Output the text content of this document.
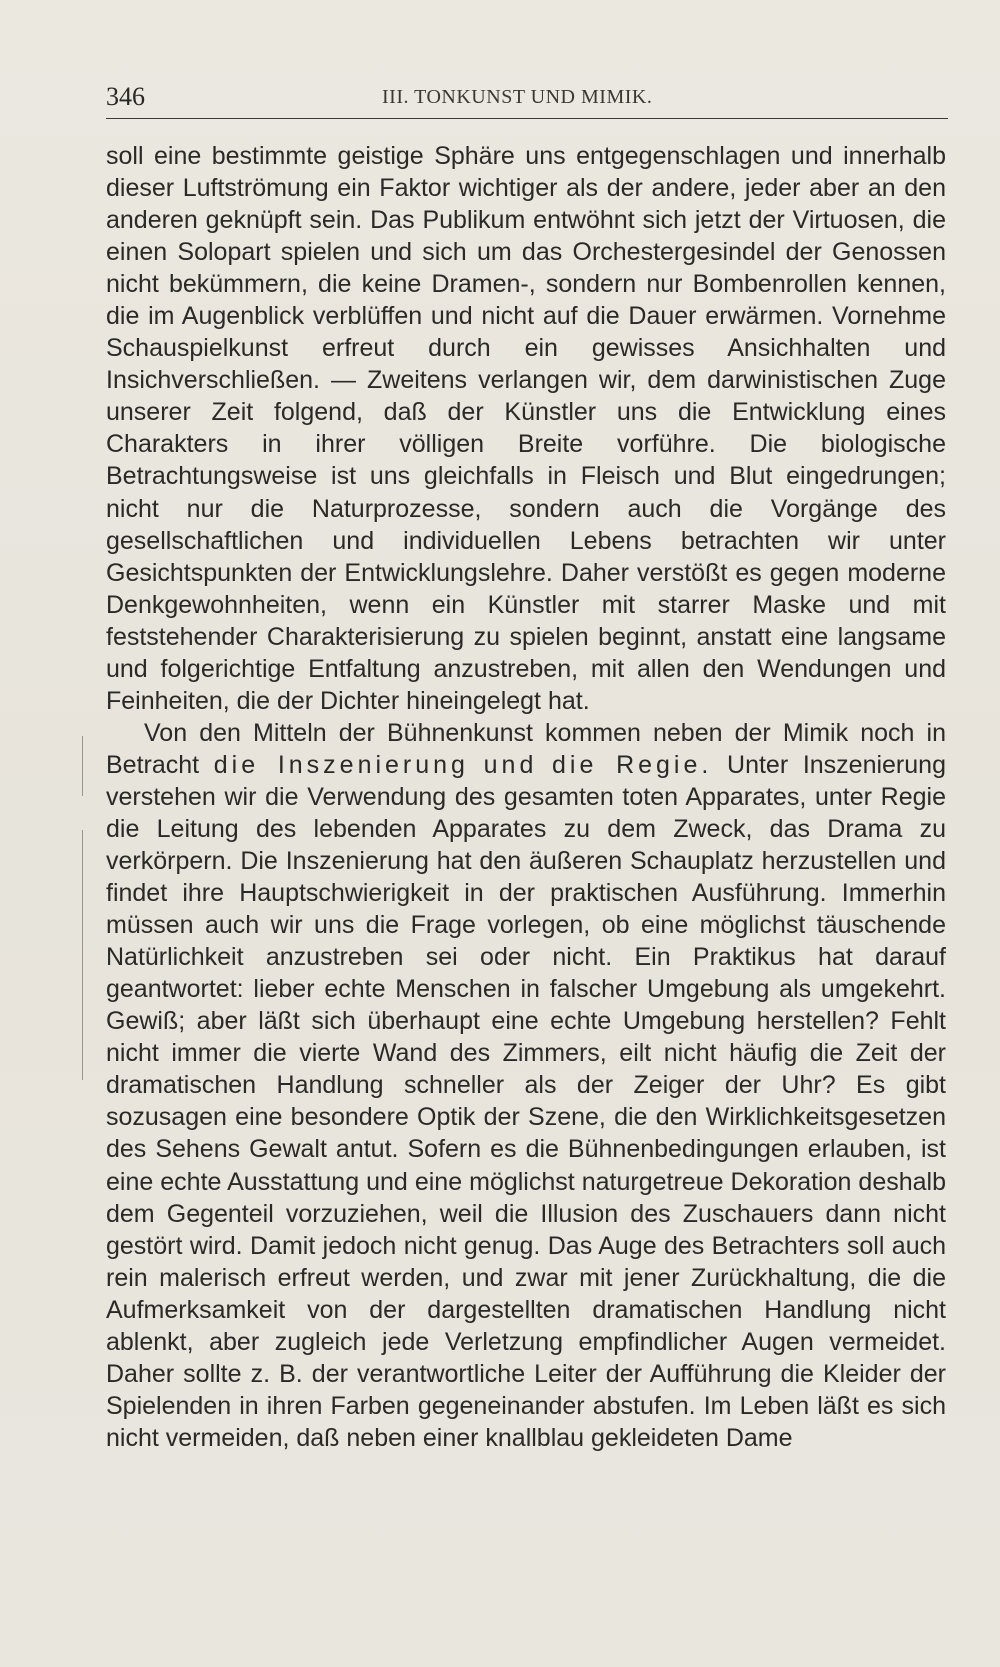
346	III. TONKUNST UND MIMIK.

soll eine bestimmte geistige Sphäre uns entgegenschlagen und innerhalb dieser Luftströmung ein Faktor wichtiger als der andere, jeder aber an den anderen geknüpft sein. Das Publikum entwöhnt sich jetzt der Virtuosen, die einen Solopart spielen und sich um das Orchestergesindel der Genossen nicht bekümmern, die keine Dramen-, sondern nur Bombenrollen kennen, die im Augenblick verblüffen und nicht auf die Dauer erwärmen. Vornehme Schauspielkunst erfreut durch ein gewisses Ansichhalten und Insichverschließen. — Zweitens verlangen wir, dem darwinistischen Zuge unserer Zeit folgend, daß der Künstler uns die Entwicklung eines Charakters in ihrer völligen Breite vorführe. Die biologische Betrachtungsweise ist uns gleichfalls in Fleisch und Blut eingedrungen; nicht nur die Naturprozesse, sondern auch die Vorgänge des gesellschaftlichen und individuellen Lebens betrachten wir unter Gesichtspunkten der Entwicklungslehre. Daher verstößt es gegen moderne Denkgewohnheiten, wenn ein Künstler mit starrer Maske und mit feststehender Charakterisierung zu spielen beginnt, anstatt eine langsame und folgerichtige Entfaltung anzustreben, mit allen den Wendungen und Feinheiten, die der Dichter hineingelegt hat.

Von den Mitteln der Bühnenkunst kommen neben der Mimik noch in Betracht die Inszenierung und die Regie. Unter Inszenierung verstehen wir die Verwendung des gesamten toten Apparates, unter Regie die Leitung des lebenden Apparates zu dem Zweck, das Drama zu verkörpern. Die Inszenierung hat den äußeren Schauplatz herzustellen und findet ihre Hauptschwierigkeit in der praktischen Ausführung. Immerhin müssen auch wir uns die Frage vorlegen, ob eine möglichst täuschende Natürlichkeit anzustreben sei oder nicht. Ein Praktikus hat darauf geantwortet: lieber echte Menschen in falscher Umgebung als umgekehrt. Gewiß; aber läßt sich überhaupt eine echte Umgebung herstellen? Fehlt nicht immer die vierte Wand des Zimmers, eilt nicht häufig die Zeit der dramatischen Handlung schneller als der Zeiger der Uhr? Es gibt sozusagen eine besondere Optik der Szene, die den Wirklichkeitsgesetzen des Sehens Gewalt antut. Sofern es die Bühnenbedingungen erlauben, ist eine echte Ausstattung und eine möglichst naturgetreue Dekoration deshalb dem Gegenteil vorzuziehen, weil die Illusion des Zuschauers dann nicht gestört wird. Damit jedoch nicht genug. Das Auge des Betrachters soll auch rein malerisch erfreut werden, und zwar mit jener Zurückhaltung, die die Aufmerksamkeit von der dargestellten dramatischen Handlung nicht ablenkt, aber zugleich jede Verletzung empfindlicher Augen vermeidet. Daher sollte z. B. der verantwortliche Leiter der Aufführung die Kleider der Spielenden in ihren Farben gegeneinander abstufen. Im Leben läßt es sich nicht vermeiden, daß neben einer knallblau gekleideten Dame
